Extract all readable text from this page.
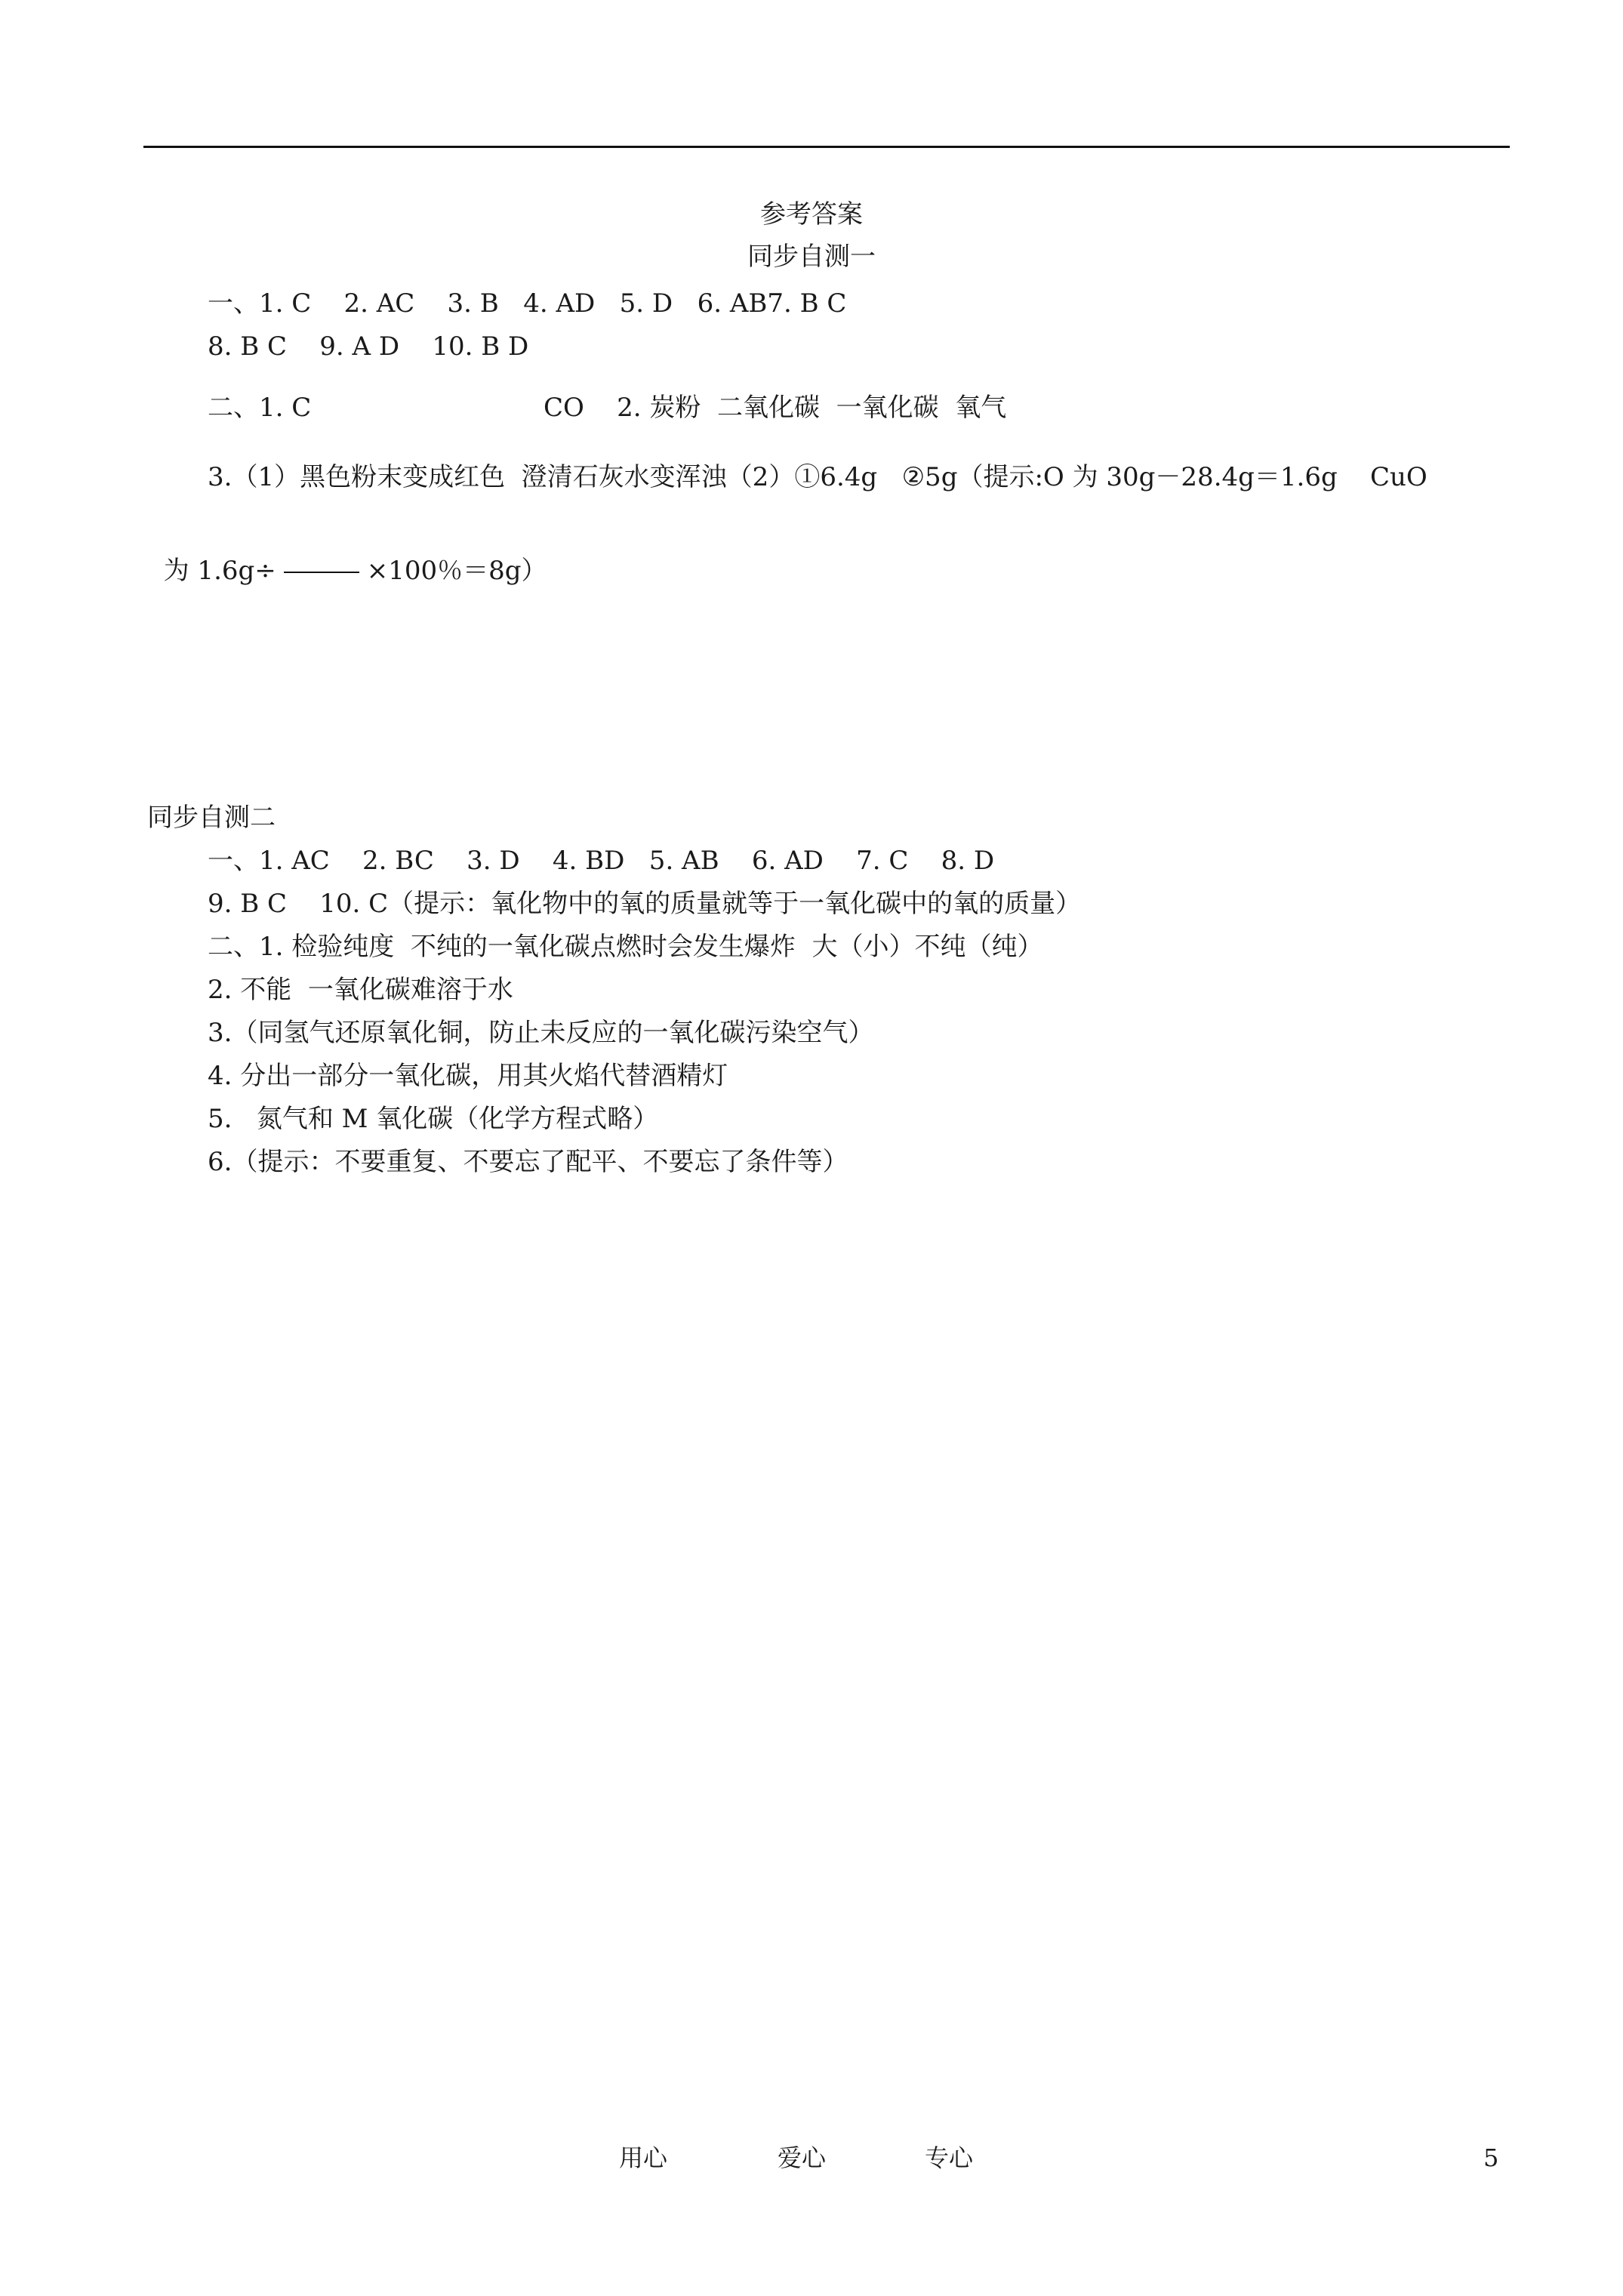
参考答案
同步自测一
一、1. C    2. AC    3. B   4. AD   5. D   6. AB7. B C
8. B C    9. A D    10. B D
二、1. C	CO    2. 炭粉  二氧化碳  一氧化碳  氧气
3.（1）黑色粉末变成红色  澄清石灰水变浑浊（2）①6.4g   ②5g（提示:O 为 30g－28.4g＝1.6g    CuO

为 1.6g÷	×100％＝8g）

同步自测二
一、1. AC    2. BC    3. D    4. BD   5. AB    6. AD    7. C    8. D
9. B C    10. C（提示：氧化物中的氧的质量就等于一氧化碳中的氧的质量）
二、1. 检验纯度  不纯的一氧化碳点燃时会发生爆炸  大（小）不纯（纯）
2. 不能  一氧化碳难溶于水
3.（同氢气还原氧化铜，防止未反应的一氧化碳污染空气）
4. 分出一部分一氧化碳，用其火焰代替酒精灯
5.   氮气和 M 氧化碳（化学方程式略）
6.（提示：不要重复、不要忘了配平、不要忘了条件等）
用心	爱心	专心	5
